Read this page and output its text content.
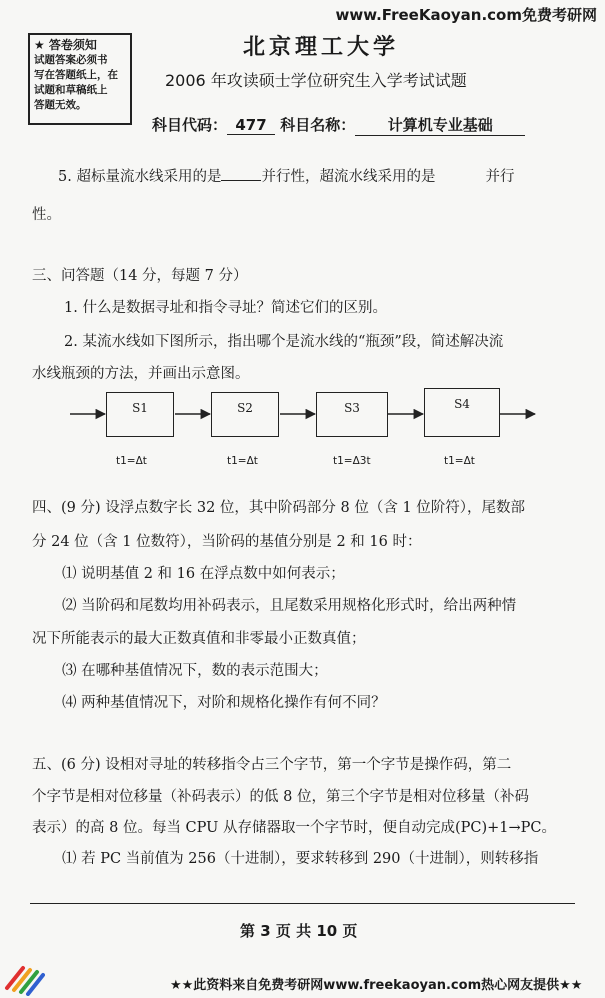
www.FreeKaoyan.com免费考研网
★ 答卷须知
试题答案必须书
写在答题纸上，在
试题和草稿纸上
答题无效。
北京理工大学
2006 年攻读硕士学位研究生入学考试试题
科目代码： 477 科目名称： 计算机专业基础
5. 超标量流水线采用的是	并行性，超流水线采用的是	并行
性。
三、问答题（14 分，每题 7 分）
1. 什么是数据寻址和指令寻址？简述它们的区别。
2. 某流水线如下图所示，指出哪个是流水线的“瓶颈”段，简述解决流
水线瓶颈的方法，并画出示意图。
S1	S2	S3	S4
t1=Δt	t1=Δt	t1=Δ3t	t1=Δt
四、(9 分) 设浮点数字长 32 位，其中阶码部分 8 位（含 1 位阶符），尾数部
分 24 位（含 1 位数符），当阶码的基值分别是 2 和 16 时：
⑴ 说明基值 2 和 16 在浮点数中如何表示；
⑵ 当阶码和尾数均用补码表示，且尾数采用规格化形式时，给出两种情
况下所能表示的最大正数真值和非零最小正数真值；
⑶ 在哪种基值情况下，数的表示范围大；
⑷ 两种基值情况下，对阶和规格化操作有何不同？
五、(6 分) 设相对寻址的转移指令占三个字节，第一个字节是操作码，第二
个字节是相对位移量（补码表示）的低 8 位，第三个字节是相对位移量（补码
表示）的高 8 位。每当 CPU 从存储器取一个字节时，便自动完成(PC)+1→PC。
⑴ 若 PC 当前值为 256（十进制），要求转移到 290（十进制），则转移指
第 3 页 共 10 页
★★此资料来自免费考研网www.freekaoyan.com热心网友提供★★
